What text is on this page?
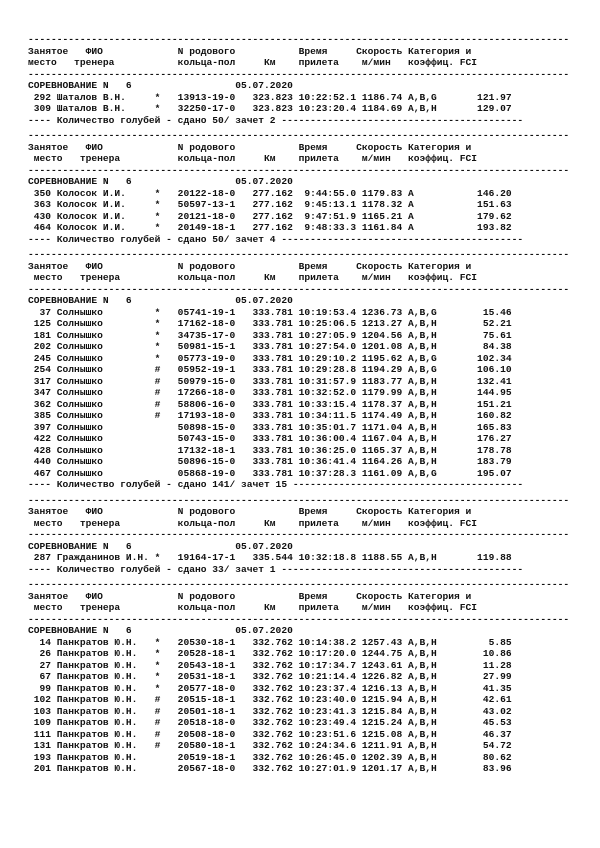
----------------------------------------------------------------------------------------------
Занятое   ФИО             N родового           Время     Скорость Категория и
место   тренера           кольца-пол     Км    прилета    м/мин   коэффиц. FCI
----------------------------------------------------------------------------------------------
СОРЕВНОВАНИЕ N   6                  05.07.2020
292 Шаталов В.Н.     *   13913-19-0   323.823 10:22:52.1 1186.74 A,B,G       121.97
309 Шаталов В.Н.     *   32250-17-0   323.823 10:23:20.4 1184.69 A,B,H       129.07
---- Количество голубей - сдано 50/ зачет 2 ------------------------------------------
----------------------------------------------------------------------------------------------
Занятое   ФИО             N родового           Время     Скорость Категория и
место   тренера          кольца-пол     Км    прилета    м/мин   коэффиц. FCI
----------------------------------------------------------------------------------------------
СОРЕВНОВАНИЕ N   6                  05.07.2020
350 Колосок И.И.     *   20122-18-0   277.162  9:44:55.0 1179.83 A           146.20
363 Колосок И.И.     *   50597-13-1   277.162  9:45:13.1 1178.32 A           151.63
430 Колосок И.И.     *   20121-18-0   277.162  9:47:51.9 1165.21 A           179.62
464 Колосок И.И.     *   20149-18-1   277.162  9:48:33.3 1161.84 A           193.82
---- Количество голубей - сдано 50/ зачет 4 ------------------------------------------
----------------------------------------------------------------------------------------------
Занятое   ФИО             N родового           Время     Скорость Категория и
место   тренера          кольца-пол     Км    прилета    м/мин   коэффиц. FCI
----------------------------------------------------------------------------------------------
СОРЕВНОВАНИЕ N   6                  05.07.2020
37 Солнышко         *   05741-19-1   333.781 10:19:53.4 1236.73 A,B,G        15.46
125 Солнышко         *   17162-18-0   333.781 10:25:06.5 1213.27 A,B,H        52.21
181 Солнышко         *   34735-17-0   333.781 10:27:05.9 1204.56 A,B,H        75.61
202 Солнышко         *   50981-15-1   333.781 10:27:54.0 1201.08 A,B,H        84.38
245 Солнышко         *   05773-19-0   333.781 10:29:10.2 1195.62 A,B,G       102.34
254 Солнышко         #   05952-19-1   333.781 10:29:28.8 1194.29 A,B,G       106.10
317 Солнышко         #   50979-15-0   333.781 10:31:57.9 1183.77 A,B,H       132.41
347 Солнышко         #   17266-18-0   333.781 10:32:52.0 1179.99 A,B,H       144.95
362 Солнышко         #   58806-16-0   333.781 10:33:15.4 1178.37 A,B,H       151.21
385 Солнышко         #   17193-18-0   333.781 10:34:11.5 1174.49 A,B,H       160.82
397 Солнышко             50898-15-0   333.781 10:35:01.7 1171.04 A,B,H       165.83
422 Солнышко             50743-15-0   333.781 10:36:00.4 1167.04 A,B,H       176.27
428 Солнышко             17132-18-1   333.781 10:36:25.0 1165.37 A,B,H       178.78
440 Солнышко             50896-15-0   333.781 10:36:41.4 1164.26 A,B,H       183.79
467 Солнышко             05868-19-0   333.781 10:37:28.3 1161.09 A,B,G       195.07
---- Количество голубей - сдано 141/ зачет 15 ----------------------------------------
----------------------------------------------------------------------------------------------
Занятое   ФИО             N родового           Время     Скорость Категория и
место   тренера          кольца-пол     Км    прилета    м/мин   коэффиц. FCI
----------------------------------------------------------------------------------------------
СОРЕВНОВАНИЕ N   6                  05.07.2020
287 Гражданинов И.Н. *   19164-17-1   335.544 10:32:18.8 1188.55 A,B,H       119.88
---- Количество голубей - сдано 33/ зачет 1 ------------------------------------------
----------------------------------------------------------------------------------------------
Занятое   ФИО             N родового           Время     Скорость Категория и
место   тренера          кольца-пол     Км    прилета    м/мин   коэффиц. FCI
----------------------------------------------------------------------------------------------
СОРЕВНОВАНИЕ N   6                  05.07.2020
14 Панкратов Ю.Н.   *   20530-18-1   332.762 10:14:38.2 1257.43 A,B,H         5.85
26 Панкратов Ю.Н.   *   20528-18-1   332.762 10:17:20.0 1244.75 A,B,H        10.86
27 Панкратов Ю.Н.   *   20543-18-1   332.762 10:17:34.7 1243.61 A,B,H        11.28
67 Панкратов Ю.Н.   *   20531-18-1   332.762 10:21:14.4 1226.82 A,B,H        27.99
99 Панкратов Ю.Н.   *   20577-18-0   332.762 10:23:37.4 1216.13 A,B,H        41.35
102 Панкратов Ю.Н.   #   20515-18-1   332.762 10:23:40.0 1215.94 A,B,H        42.61
103 Панкратов Ю.Н.   #   20501-18-1   332.762 10:23:41.3 1215.84 A,B,H        43.02
109 Панкратов Ю.Н.   #   20518-18-0   332.762 10:23:49.4 1215.24 A,B,H        45.53
111 Панкратов Ю.Н.   #   20508-18-0   332.762 10:23:51.6 1215.08 A,B,H        46.37
131 Панкратов Ю.Н.   #   20580-18-1   332.762 10:24:34.6 1211.91 A,B,H        54.72
193 Панкратов Ю.Н.       20519-18-1   332.762 10:26:45.0 1202.39 A,B,H        80.62
201 Панкратов Ю.Н.       20567-18-0   332.762 10:27:01.9 1201.17 A,B,H        83.96
